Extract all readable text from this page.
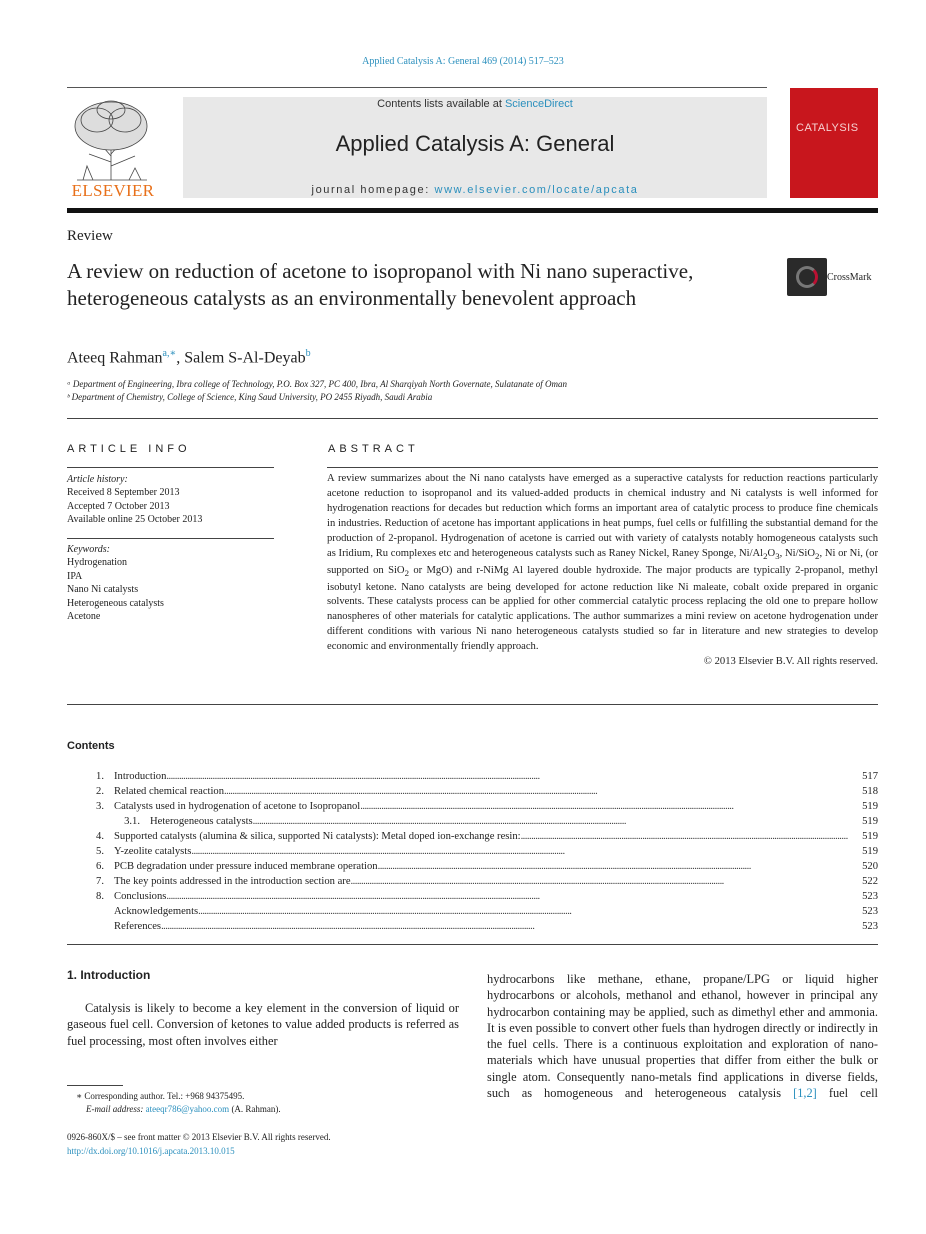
Applied Catalysis A: General 469 (2014) 517–523
ELSEVIER
Contents lists available at ScienceDirect
Applied Catalysis A: General
journal homepage: www.elsevier.com/locate/apcata
CATALYSIS
Review
A review on reduction of acetone to isopropanol with Ni nano superactive, heterogeneous catalysts as an environmentally benevolent approach
CrossMark
Ateeq Rahman$^{a,∗}$, Salem S-Al-Deyab$^b$
ᵃ Department of Engineering, Ibra college of Technology, P.O. Box 327, PC 400, Ibra, Al Sharqiyah North Governate, Sulatanate of Oman
ᵇ Department of Chemistry, College of Science, King Saud University, PO 2455 Riyadh, Saudi Arabia
ARTICLE INFO	ABSTRACT
Article history:
Received 8 September 2013
Accepted 7 October 2013
Available online 25 October 2013
Keywords:
Hydrogenation
IPA
Nano Ni catalysts
Heterogeneous catalysts
Acetone

A review summarizes about the Ni nano catalysts have emerged as a superactive catalysts for reduction reactions particularly acetone reduction to isopropanol and its valued-added products in chemical industry and Ni catalysts is well informed for hydrogenation reactions for decades but reduction which forms an important area of catalytic process to produce fine chemicals in industries. Reduction of acetone has important applications in heat pumps, fuel cells or fulfilling the substantial demand for the production of 2-propanol. Hydrogenation of acetone is carried out with variety of catalysts notably homogeneous catalysts such as Iridium, Ru complexes etc and heterogeneous catalysts such as Raney Nickel, Raney Sponge, $Ni/Al_2O_3$, Ni/SiO$_2$, Ni or Ni, (or supported on SiO$_2$ or MgO) and r-NiMg Al layered double hydroxide. The major products are typically 2-propanol, methyl isobutyl ketone. Nano catalysts are being developed for actone reduction like Ni maleate, cobalt oxide prepared in organic solvents. These catalysts process can be applied for other commercial catalytic process replacing the old one to prepare hollow nanospheres of other materials for catalytic applications. The author summarizes a mini review on acetone hydrogenation under different conditions with various Ni nano heterogeneous catalysts studied so far in literature and new strategies to develop economic and environmentally friendly approach.

© 2013 Elsevier B.V. All rights reserved.
Contents
1. Introduction . . .	517
2. Related chemical reaction . . .	518
3. Catalysts used in hydrogenation of acetone to Isopropanol . . .	519
3.1. Heterogeneous catalysts . . .	519
4. Supported catalysts (alumina & silica, supported Ni catalysts): Metal doped ion-exchange resin: . . .	519
5. Y-zeolite catalysts . . .	519
6. PCB degradation under pressure induced membrane operation . . .	520
7. The key points addressed in the introduction section are . . .	522
8. Conclusions . . .	523
Acknowledgements . . .	523
References . . .	523
1. Introduction

Catalysis is likely to become a key element in the conversion of liquid or gaseous fuel cell. Conversion of ketones to value added products is referred as fuel processing, most often involves either

hydrocarbons like methane, ethane, propane/LPG or liquid higher hydrocarbons or alcohols, methanol and ethanol, however in principal any hydrocarbon containing may be applied, such as dimethyl ether and ammonia. It is even possible to convert other fuels than hydrogen directly or indirectly in the fuel cells. There is a continuous exploitation and exploration of nano-materials which have unusual properties that differ from either the bulk or single atom. Consequently nano-metals find applications in diverse fields, such as homogeneous and heterogeneous catalysis [1,2] fuel cell

∗ Corresponding author. Tel.: +968 94375495.
E-mail address: ateeqr786@yahoo.com (A. Rahman).
0926-860X/$ – see front matter © 2013 Elsevier B.V. All rights reserved.
http://dx.doi.org/10.1016/j.apcata.2013.10.015
